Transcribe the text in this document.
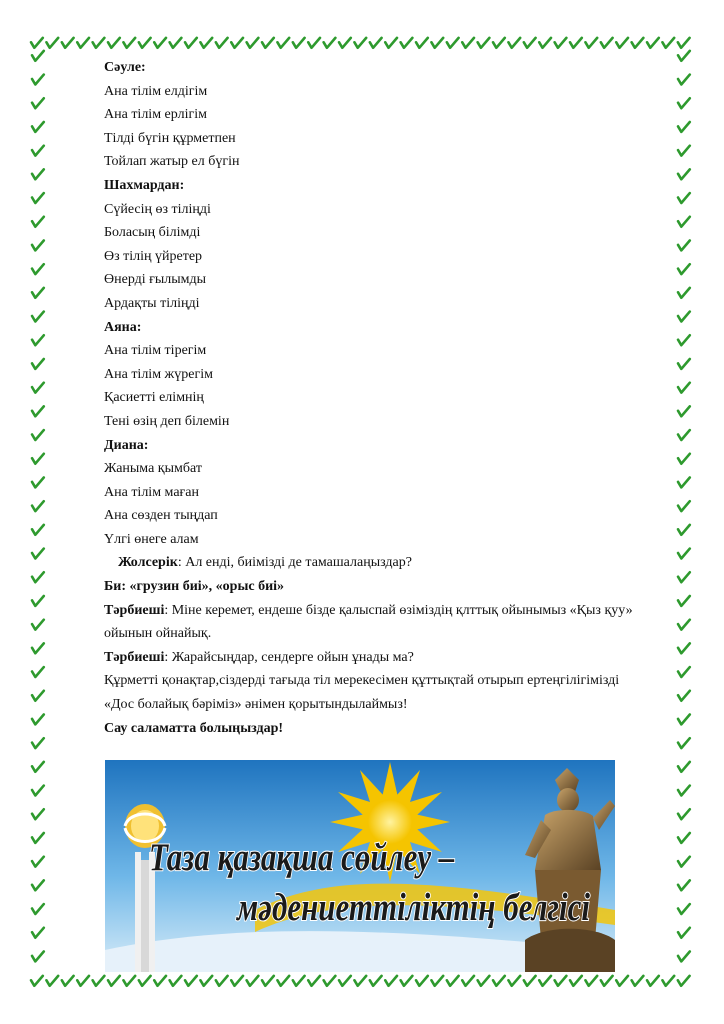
Сәуле:
Ана тілім елдігім
Ана тілім ерлігім
Тілді бүгін құрметпен
Тойлап жатыр ел бүгін
Шахмардан:
Сүйесің өз тіліңді
Боласың білімді
Өз тілің үйретер
Өнерді ғылымды
Ардақты тіліңді
Аяна:
Ана тілім тірегім
Ана тілім жүрегім
Қасиетті елімнің
Тені өзің деп білемін
Диана:
Жаныма қымбат
Ана тілім маған
Ана сөзден тыңдап
Үлгі өнеге алам
Жолсерік: Ал енді, биімізді де тамашалаңыздар?
Би: «грузин биі», «орыс биі»
Тәрбиеші: Міне керемет, ендеше бізде қалыспай өзіміздің қлттық ойынымыз «Қыз қуу»
ойынын ойнайық.
Тәрбиеші: Жарайсыңдар, сендерге ойын ұнады ма?
Құрметті қонақтар,сіздерді тағыда тіл мерекесімен құттықтай отырып ертеңгілігімізді
«Дос болайық бәріміз» әнімен қорытындылаймыз!
Сау саламатта болыңыздар!
Таза қазақша сөйлеу –
мәдениеттіліктің белгісі
